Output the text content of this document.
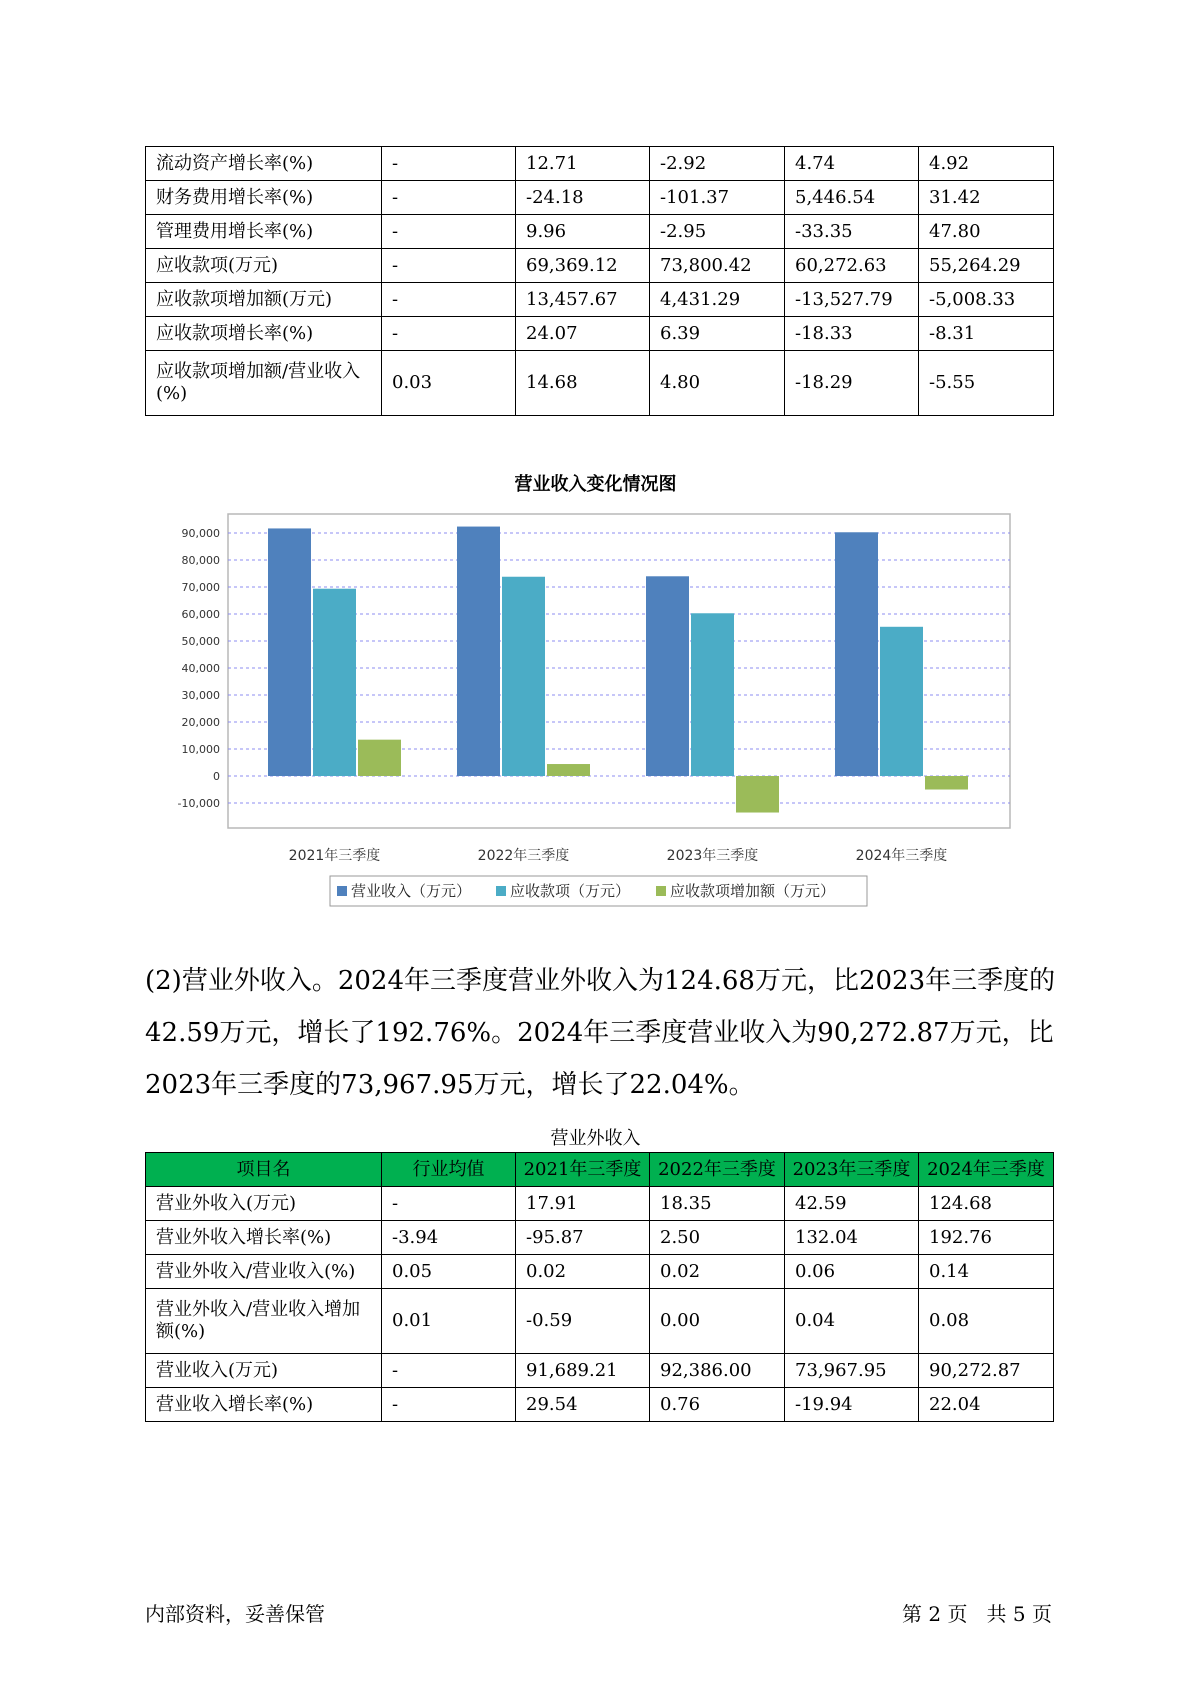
流动资产增长率(%)	-	12.71	-2.92	4.74	4.92
财务费用增长率(%)	-	-24.18	-101.37	5,446.54	31.42
管理费用增长率(%)	-	9.96	-2.95	-33.35	47.80
应收款项(万元)	-	69,369.12	73,800.42	60,272.63	55,264.29
应收款项增加额(万元)	-	13,457.67	4,431.29	-13,527.79	-5,008.33
应收款项增长率(%)	-	24.07	6.39	-18.33	-8.31
应收款项增加额/营业收入(%)	0.03	14.68	4.80	-18.29	-5.55
营业收入变化情况图
90,000
80,000
70,000
60,000
50,000
40,000
30,000
20,000
10,000
0
-10,000
2021年三季度	2022年三季度	2023年三季度	2024年三季度
营业收入（万元）	应收款项（万元）	应收款项增加额（万元）

(2)营业外收入。2024年三季度营业外收入为124.68万元，比2023年三季度的42.59万元，增长了192.76%。2024年三季度营业收入为90,272.87万元，比2023年三季度的73,967.95万元，增长了22.04%。

营业外收入
项目名	行业均值	2021年三季度	2022年三季度	2023年三季度	2024年三季度
营业外收入(万元)	-	17.91	18.35	42.59	124.68
营业外收入增长率(%)	-3.94	-95.87	2.50	132.04	192.76
营业外收入/营业收入(%)	0.05	0.02	0.02	0.06	0.14
营业外收入/营业收入增加额(%)	0.01	-0.59	0.00	0.04	0.08
营业收入(万元)	-	91,689.21	92,386.00	73,967.95	90,272.87
营业收入增长率(%)	-	29.54	0.76	-19.94	22.04
内部资料，妥善保管	第 2 页   共 5 页
